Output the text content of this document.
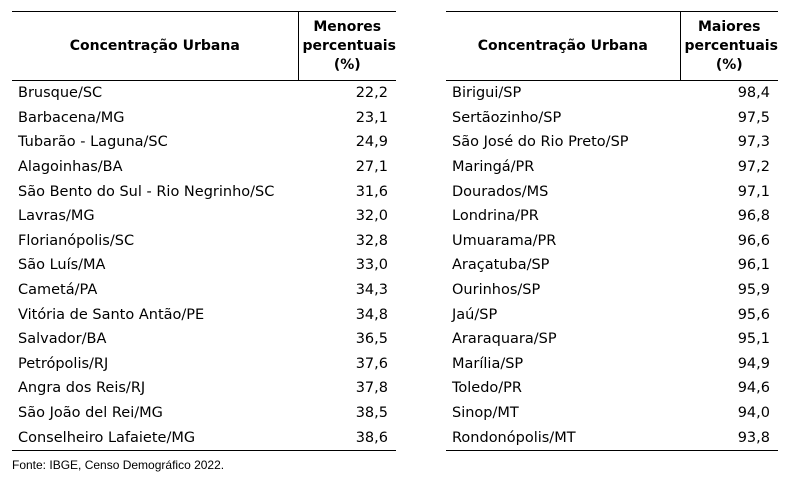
Concentração Urbana	Menores percentuais (%)
Brusque/SC	22,2
Barbacena/MG	23,1
Tubarão - Laguna/SC	24,9
Alagoinhas/BA	27,1
São Bento do Sul - Rio Negrinho/SC	31,6
Lavras/MG	32,0
Florianópolis/SC	32,8
São Luís/MA	33,0
Cametá/PA	34,3
Vitória de Santo Antão/PE	34,8
Salvador/BA	36,5
Petrópolis/RJ	37,6
Angra dos Reis/RJ	37,8
São João del Rei/MG	38,5
Conselheiro Lafaiete/MG	38,6
Concentração Urbana	Maiores percentuais (%)
Birigui/SP	98,4
Sertãozinho/SP	97,5
São José do Rio Preto/SP	97,3
Maringá/PR	97,2
Dourados/MS	97,1
Londrina/PR	96,8
Umuarama/PR	96,6
Araçatuba/SP	96,1
Ourinhos/SP	95,9
Jaú/SP	95,6
Araraquara/SP	95,1
Marília/SP	94,9
Toledo/PR	94,6
Sinop/MT	94,0
Rondonópolis/MT	93,8
Fonte: IBGE, Censo Demográfico 2022.
